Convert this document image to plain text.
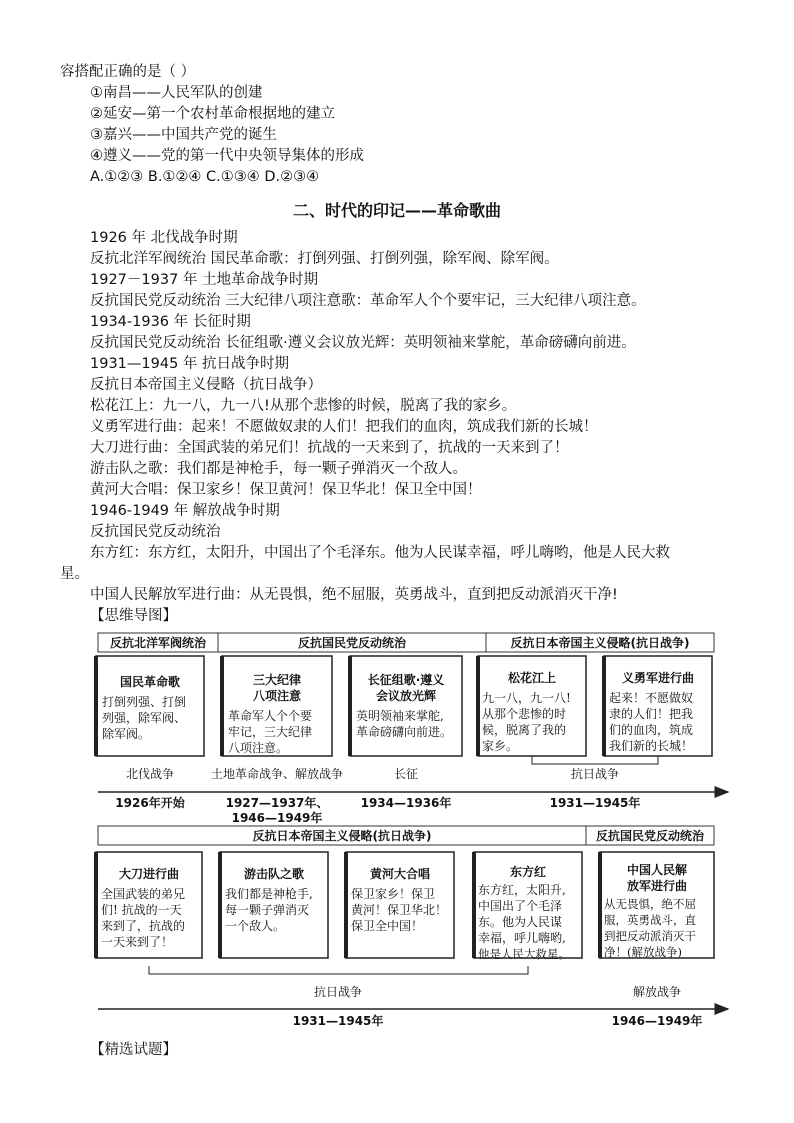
容搭配正确的是（ ）
①南昌——人民军队的创建
②延安—第一个农村革命根据地的建立
③嘉兴——中国共产党的诞生
④遵义——党的第一代中央领导集体的形成
A.①②③ B.①②④ C.①③④ D.②③④
二、时代的印记——革命歌曲
1926 年 北伐战争时期
反抗北洋军阀统治 国民革命歌：打倒列强、打倒列强，除军阀、除军阀。
1927－1937 年 土地革命战争时期
反抗国民党反动统治 三大纪律八项注意歌：革命军人个个要牢记，三大纪律八项注意。
1934-1936 年 长征时期
反抗国民党反动统治 长征组歌·遵义会议放光辉：英明领袖来掌舵，革命磅礴向前进。
1931—1945 年 抗日战争时期
反抗日本帝国主义侵略（抗日战争）
松花江上：九一八，九一八!从那个悲惨的时候，脱离了我的家乡。
义勇军进行曲：起来！不愿做奴隶的人们！把我们的血肉，筑成我们新的长城！
大刀进行曲：全国武装的弟兄们！抗战的一天来到了，抗战的一天来到了！
游击队之歌：我们都是神枪手，每一颗子弹消灭一个敌人。
黄河大合唱：保卫家乡！保卫黄河！保卫华北！保卫全中国！
1946-1949 年 解放战争时期
反抗国民党反动统治
东方红：东方红，太阳升，中国出了个毛泽东。他为人民谋幸福，呼儿嗨哟，他是人民大救
星。
中国人民解放军进行曲：从无畏惧，绝不屈服，英勇战斗，直到把反动派消灭干净!
【思维导图】
反抗北洋军阀统治	反抗国民党反动统治	反抗日本帝国主义侵略(抗日战争)
国民革命歌
打倒列强、打倒
列强，除军阀、
除军阀。
三大纪律
八项注意
革命军人个个要
牢记，三大纪律
八项注意。
长征组歌·遵义
会议放光辉
英明领袖来掌舵,
革命磅礴向前进。
松花江上
九一八，九一八!
从那个悲惨的时
候，脱离了我的
家乡。
义勇军进行曲
起来！不愿做奴
隶的人们！把我
们的血肉，筑成
我们新的长城！
北伐战争	土地革命战争、解放战争	长征	抗日战争
1926年开始	1927—1937年、
1946—1949年
1934—1936年	1931—1945年
反抗日本帝国主义侵略(抗日战争)	反抗国民党反动统治
大刀进行曲
全国武装的弟兄
们! 抗战的一天
来到了，抗战的
一天来到了！
游击队之歌
我们都是神枪手,
每一颗子弹消灭
一个敌人。
黄河大合唱
保卫家乡！保卫
黄河！保卫华北！
保卫全中国！
东方红
东方红，太阳升,
中国出了个毛泽
东。他为人民谋
幸福，呼儿嗨哟,
他是人民大救星。
中国人民解
放军进行曲
从无畏惧，绝不屈
服，英勇战斗，直
到把反动派消灭干
净！(解放战争)
抗日战争	解放战争
1931—1945年	1946—1949年
【精选试题】
